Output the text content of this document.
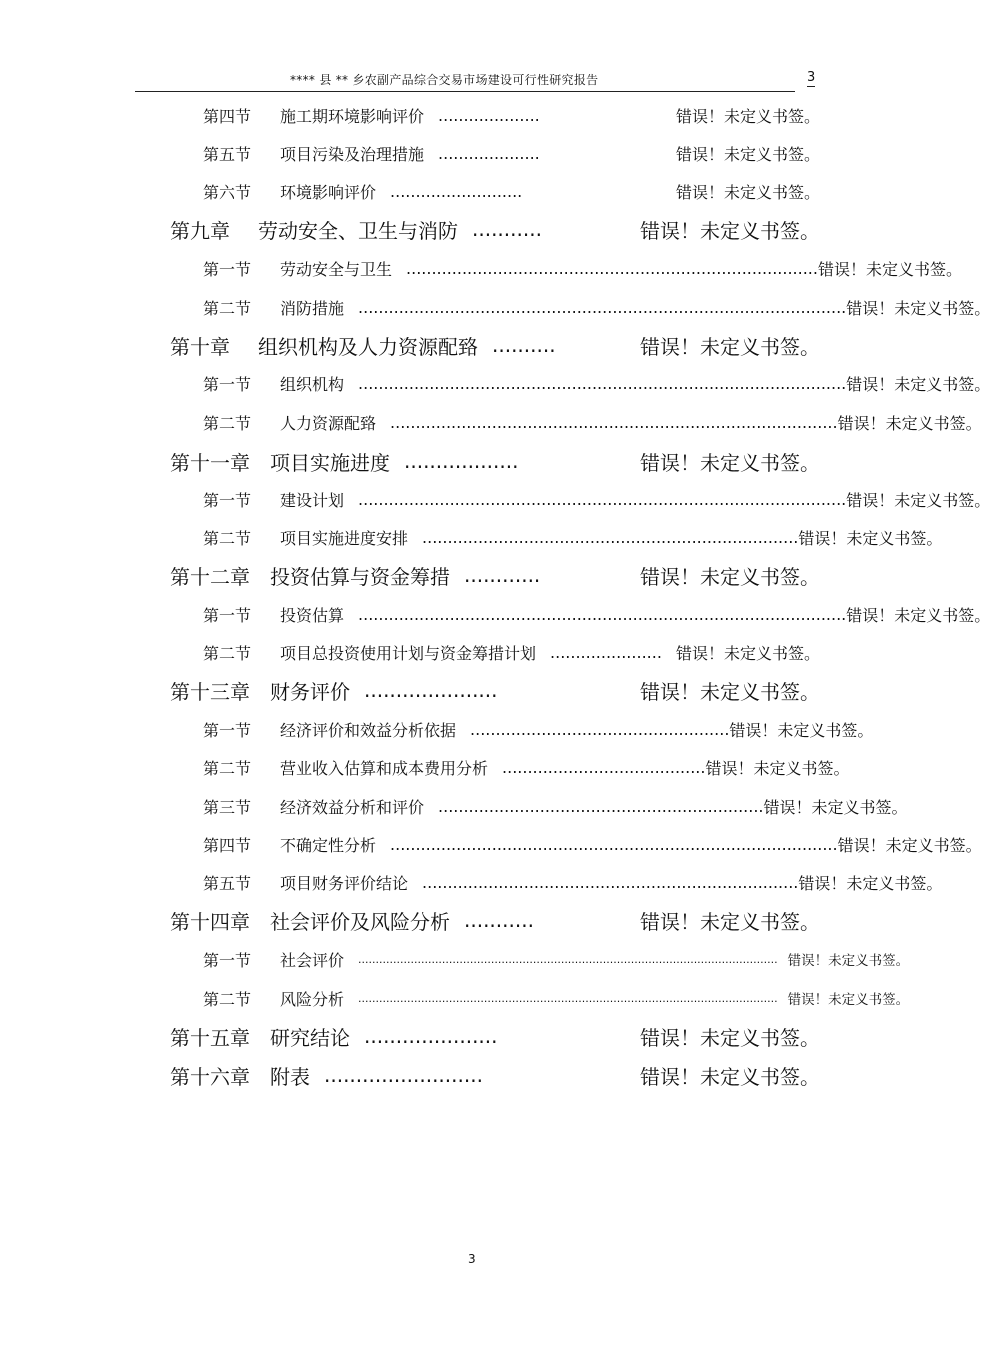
**** 县 ** 乡农副产品综合交易市场建设可行性研究报告	3
第四节	施工期环境影响评价 ....................	错误！未定义书签。
第五节	项目污染及治理措施 ....................	错误！未定义书签。
第六节	环境影响评价 ..........................	错误！未定义书签。
第九章	劳动安全、卫生与消防 ...........	错误！未定义书签。
第一节	劳动安全与卫生 ................................................................................. 错误！未定义书签。
第二节	消防措施 ................................................................................................ 错误！未定义书签。
第十章	组织机构及人力资源配臵 ..........	错误！未定义书签。
第一节	组织机构 ................................................................................................ 错误！未定义书签。
第二节	人力资源配臵 ........................................................................................ 错误！未定义书签。
第十一章	项目实施进度 ..................	错误！未定义书签。
第一节	建设计划 ................................................................................................ 错误！未定义书签。
第二节	项目实施进度安排 .......................................................................... 错误！未定义书签。
第十二章	投资估算与资金筹措 ............	错误！未定义书签。
第一节	投资估算 ................................................................................................ 错误！未定义书签。
第二节	项目总投资使用计划与资金筹措计划 ...................... 错误！未定义书签。
第十三章	财务评价 .....................	错误！未定义书签。
第一节	经济评价和效益分析依据 ................................................... 错误！未定义书签。
第二节	营业收入估算和成本费用分析 ........................................ 错误！未定义书签。
第三节	经济效益分析和评价 ................................................................ 错误！未定义书签。
第四节	不确定性分析 ........................................................................................ 错误！未定义书签。
第五节	项目财务评价结论 .......................................................................... 错误！未定义书签。
第十四章	社会评价及风险分析 ...........	错误！未定义书签。
第一节	社会评价 ........................................................................................................................ 错误！未定义书签。
第二节	风险分析 ........................................................................................................................ 错误！未定义书签。
第十五章	研究结论 .....................	错误！未定义书签。
第十六章	附表 .........................	错误！未定义书签。
3
